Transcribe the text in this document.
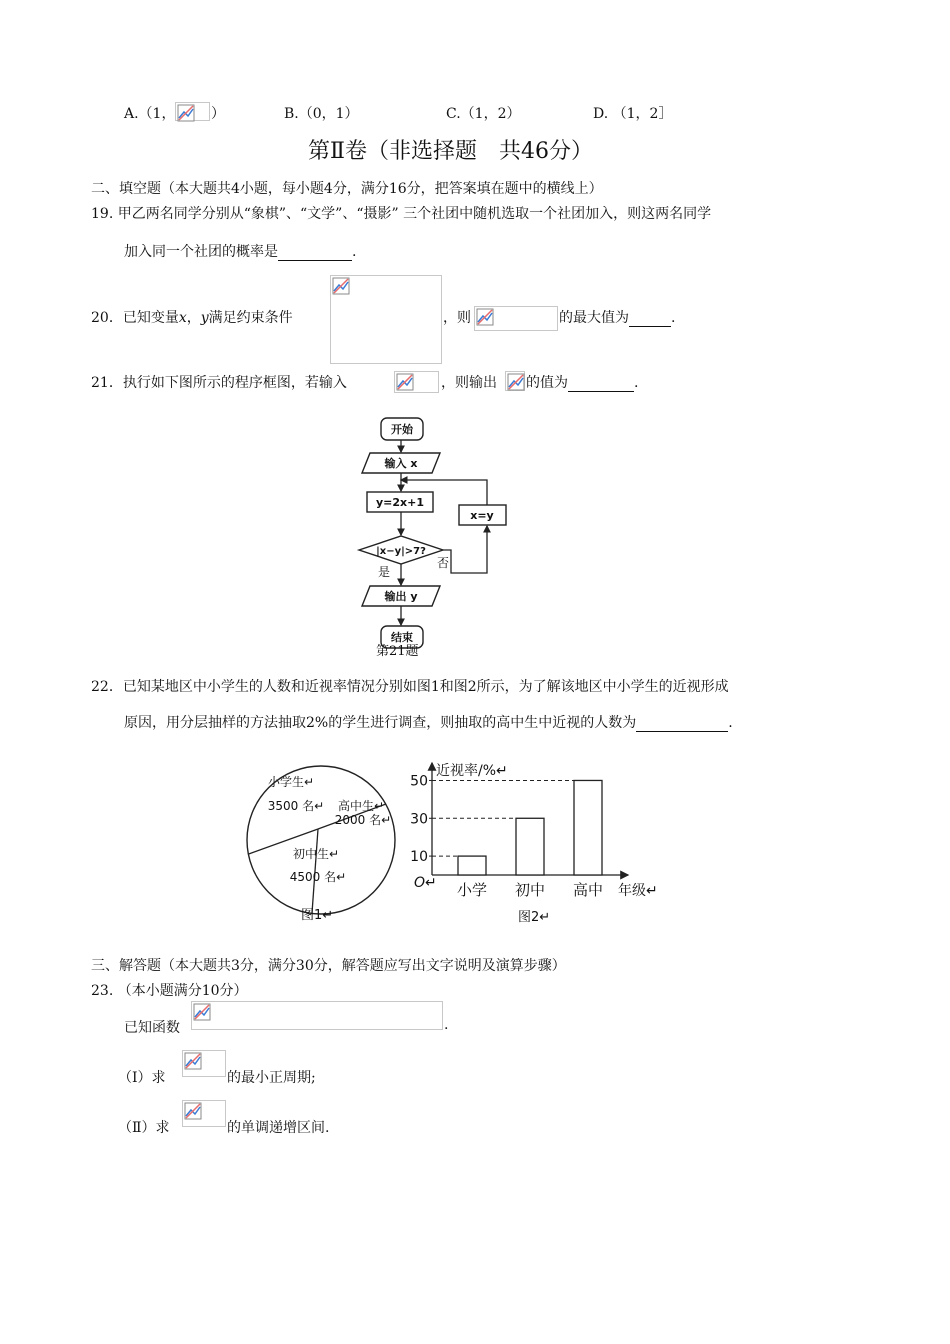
A.（1，	）	B.（0，1）	C.（1，2）	D. （1，2］
第Ⅱ卷（非选择题　共46分）
二、填空题（本大题共4小题，每小题4分，满分16分，把答案填在题中的横线上）
19. 甲乙两名同学分别从“象棋”、“文学”、“摄影” 三个社团中随机选取一个社团加入，则这两名同学
加入同一个社团的概率是	.
20．已知变量x，y满足约束条件	，则	的最大值为	.
21．执行如下图所示的程序框图，若输入	，则输出 的值为	.
开始
输入 x
y=2x+1
|x−y|>7?
x=y
输出 y
结束
是
否
第21题
22．已知某地区中小学生的人数和近视率情况分别如图1和图2所示，为了解该地区中小学生的近视形成
原因，用分层抽样的方法抽取2%的学生进行调查，则抽取的高中生中近视的人数为	.
小学生↵
3500 名↵ 高中生↵
2000 名↵
初中生↵
4500 名↵
图1↵
10
小学
30
初中
50
高中
近视率/%↵
O↵	年级↵
图2↵
三、解答题（本大题共3分，满分30分，解答题应写出文字说明及演算步骤）
23. （本小题满分10分）
已知函数	.
（Ⅰ）求	的最小正周期;
（Ⅱ）求	的单调递增区间.
